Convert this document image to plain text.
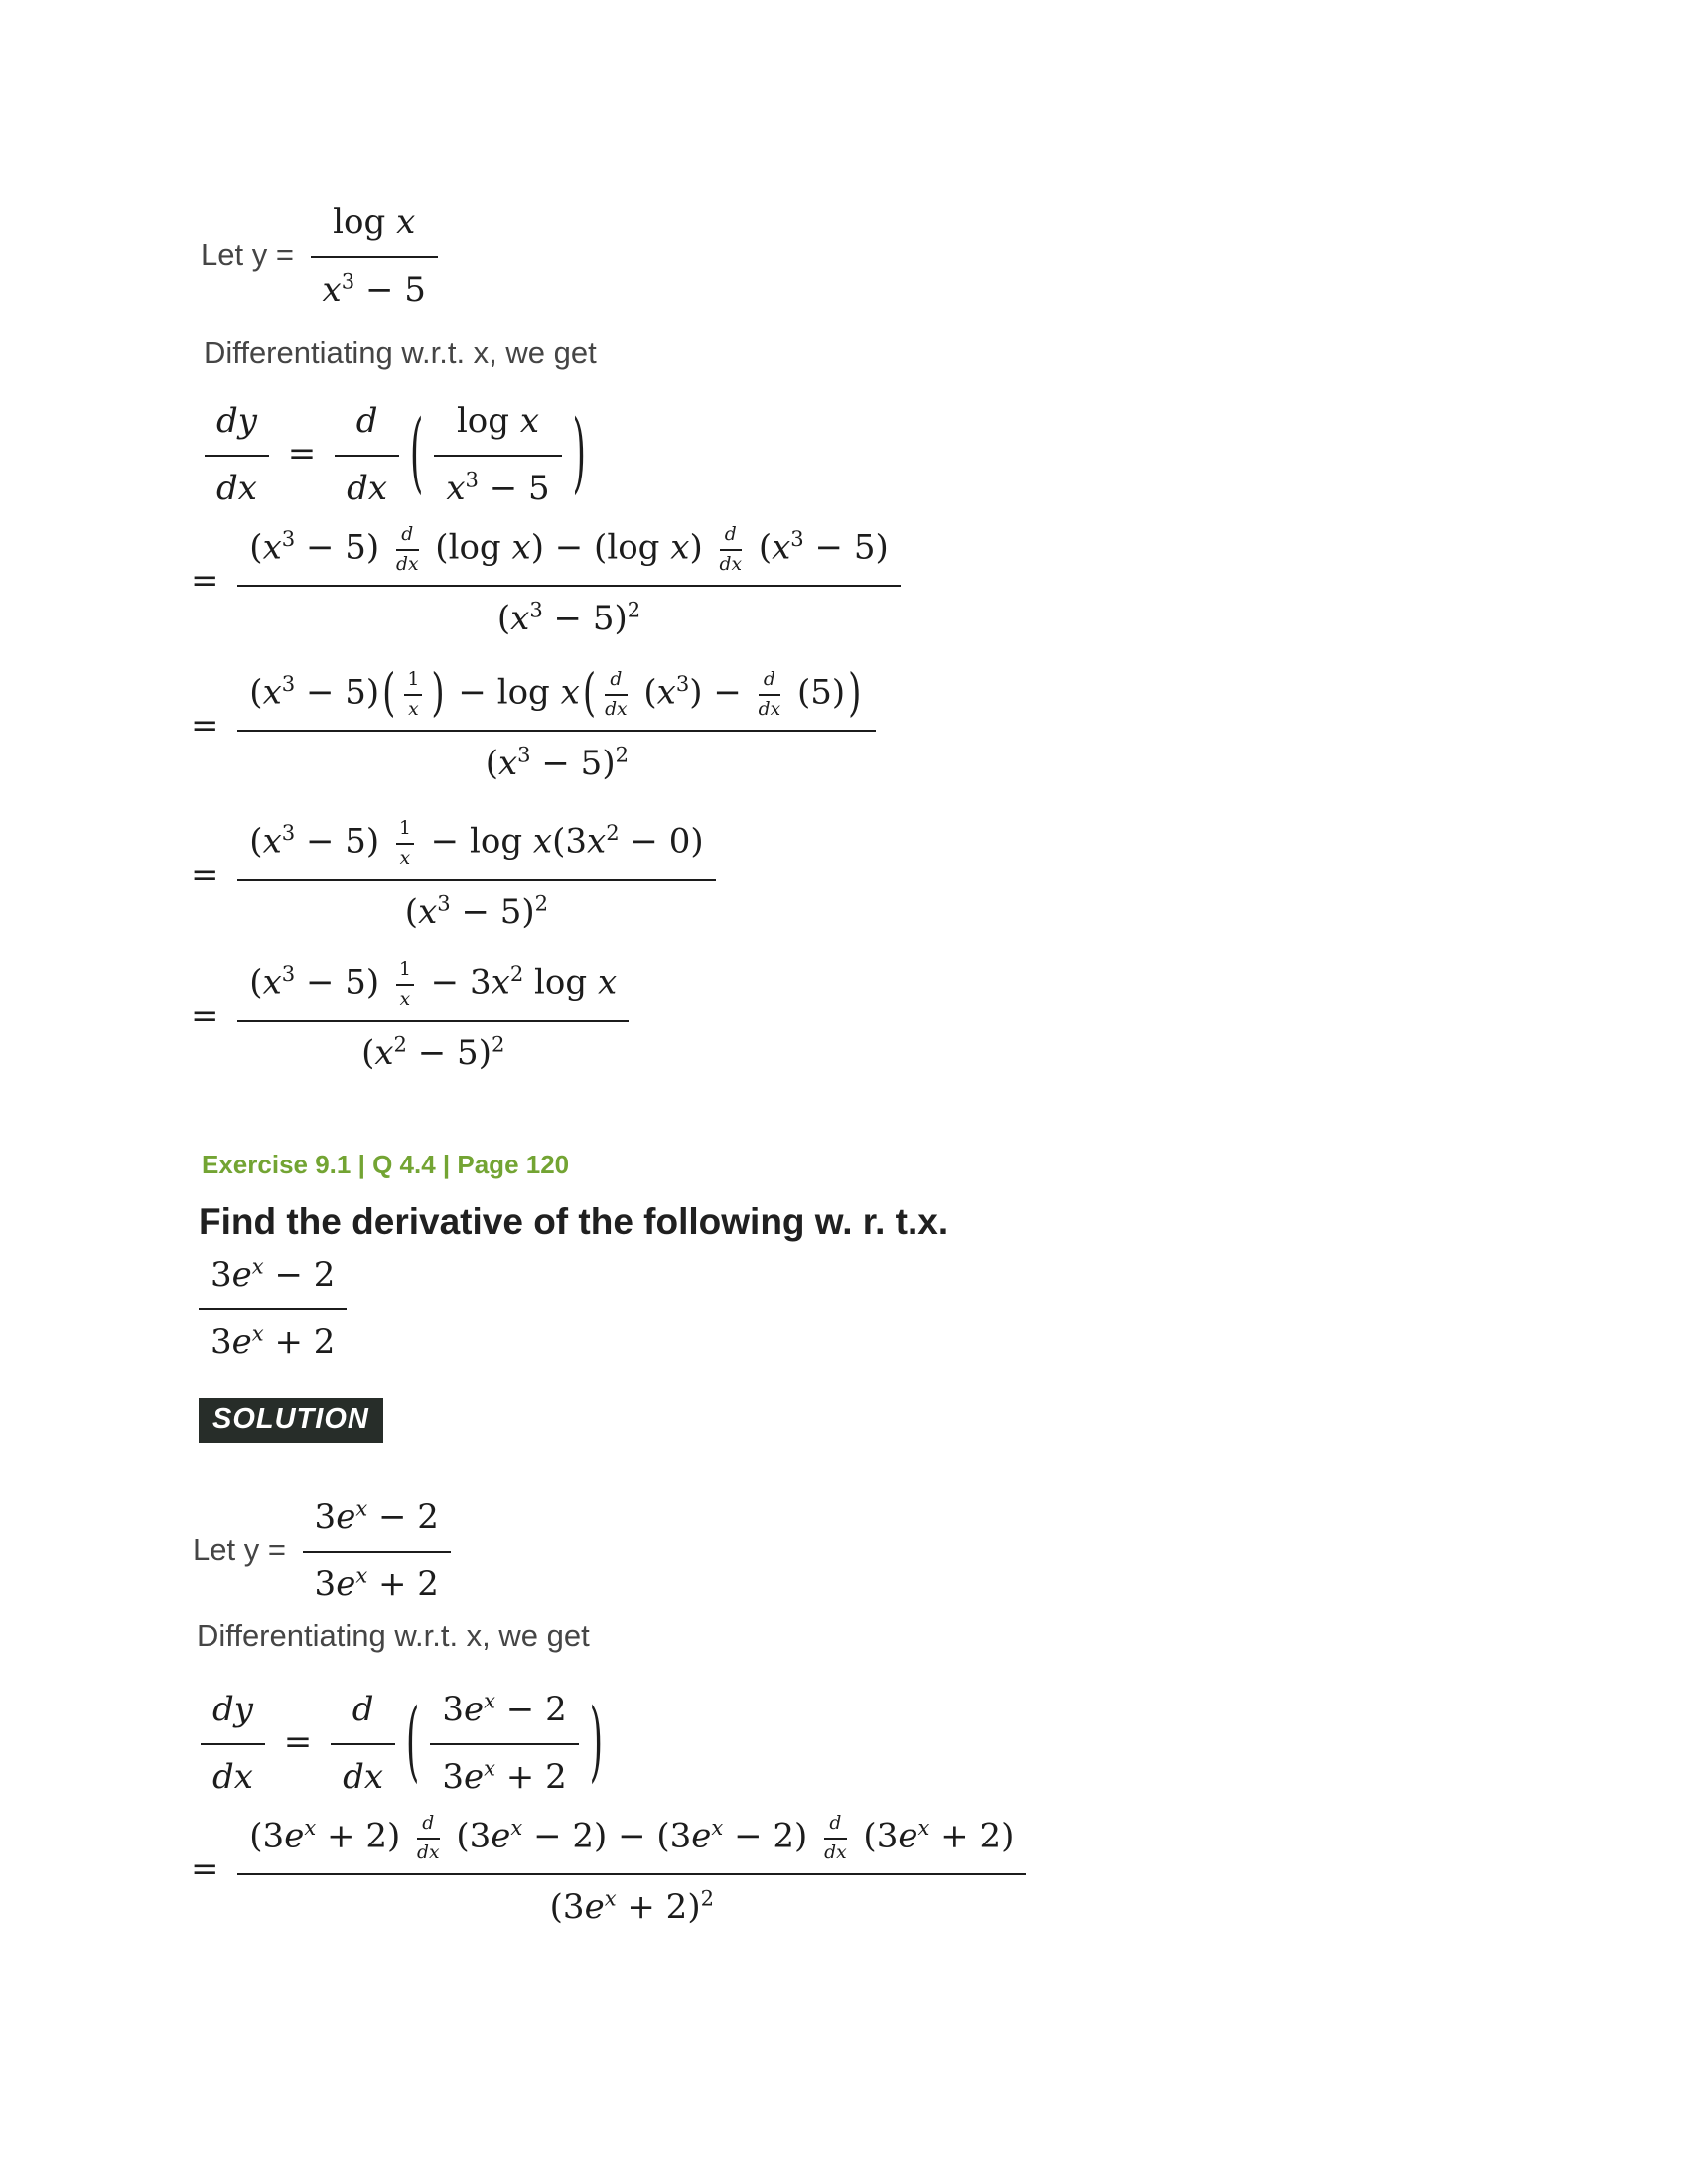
Let $y = \frac{\text{log x}}{x^3 - 5}$

Differentiating w.r.t. x, we get

$\frac{dy}{dx} = \frac{d}{dx}$ ( log x
$x^3 - 5$ )
=
$(x^3 - 5) \frac{d}{dx} (\log$ x) − (log $x) \frac{d}{dx} (x^3 - 5)$
$(x^3 - 5)^2$
=
$(x^3 - 5)( \frac{1}{x}$ ) − $\log x( \frac{d}{dx} (x^3) - \frac{d}{dx} (5))$
$(x^3 - 5)^2$
= $\frac{(x^3 - 5) \frac{1}{x} - \log x(3x^2 - 0)}{(x^3 - 5)^2}$
= $\frac{(x^3 - 5) \frac{1}{x} - 3x^2 \log x}{(x^2 - 5)^2}$
Exercise 9.1 | Q 4.4 | Page 120
Find the derivative of the following w. r. t.x.
$3e^x - 2$
$3e^x + 2$
SOLUTION
Let $y = \frac{3e^x - 2}{3e^x + 2}$

Differentiating w.r.t. x, we get

$\frac{dy}{dx} = \frac{d}{dx}$ ( $3e^x - 2$
$3e^x + 2$ )
=
$(3e^x + 2) \frac{d}{dx} (3e^x - 2) - (3e^x - 2) \frac{d}{dx} (3e^x + 2)$
$(3e^x + 2)^2$
